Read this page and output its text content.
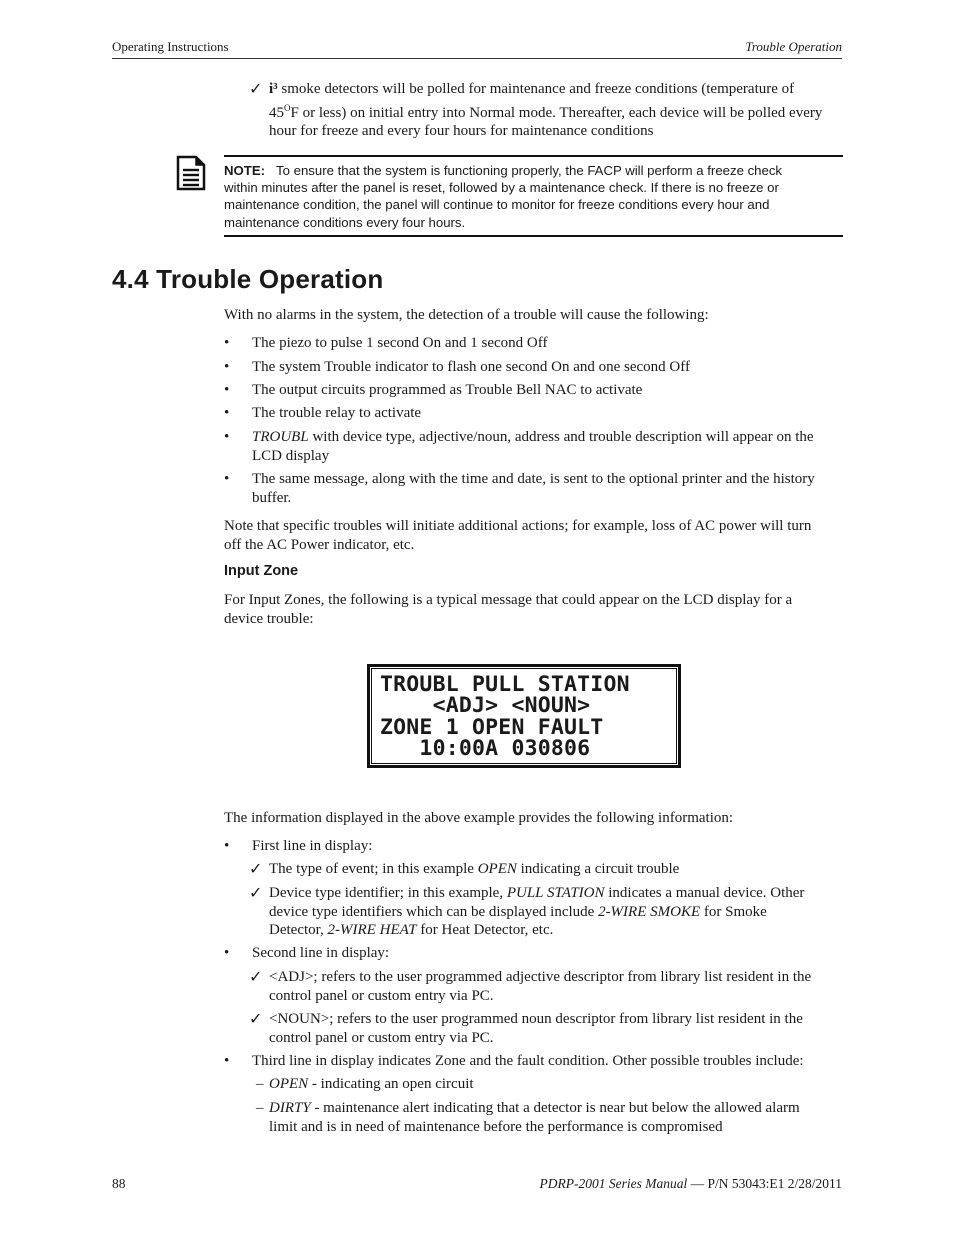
Operating Instructions	Trouble Operation
✓ i³ smoke detectors will be polled for maintenance and freeze conditions (temperature of
$45^OF$ or less) on initial entry into Normal mode. Thereafter, each device will be polled every
hour for freeze and every four hours for maintenance conditions
NOTE: To ensure that the system is functioning properly, the FACP will perform a freeze check
within minutes after the panel is reset, followed by a maintenance check. If there is no freeze or
maintenance condition, the panel will continue to monitor for freeze conditions every hour and
maintenance conditions every four hours.
4.4 Trouble Operation
With no alarms in the system, the detection of a trouble will cause the following:
• The piezo to pulse 1 second On and 1 second Off
• The system Trouble indicator to flash one second On and one second Off
• The output circuits programmed as Trouble Bell NAC to activate
• The trouble relay to activate
• TROUBL with device type, adjective/noun, address and trouble description will appear on the
LCD display
• The same message, along with the time and date, is sent to the optional printer and the history
buffer.
Note that specific troubles will initiate additional actions; for example, loss of AC power will turn
off the AC Power indicator, etc.
Input Zone
For Input Zones, the following is a typical message that could appear on the LCD display for a
device trouble:
TROUBL PULL STATION
<ADJ> <NOUN>
ZONE 1 OPEN FAULT
10:00A 030806
The information displayed in the above example provides the following information:
• First line in display:
✓ The type of event; in this example OPEN indicating a circuit trouble
✓ Device type identifier; in this example, PULL STATION indicates a manual device. Other
device type identifiers which can be displayed include 2-WIRE SMOKE for Smoke
Detector, 2-WIRE HEAT for Heat Detector, etc.
• Second line in display:
✓ <ADJ>; refers to the user programmed adjective descriptor from library list resident in the
control panel or custom entry via PC.
✓ <NOUN>; refers to the user programmed noun descriptor from library list resident in the
control panel or custom entry via PC.
• Third line in display indicates Zone and the fault condition. Other possible troubles include:
– OPEN - indicating an open circuit
– DIRTY - maintenance alert indicating that a detector is near but below the allowed alarm
limit and is in need of maintenance before the performance is compromised
88	PDRP-2001 Series Manual — P/N 53043:E1 2/28/2011
